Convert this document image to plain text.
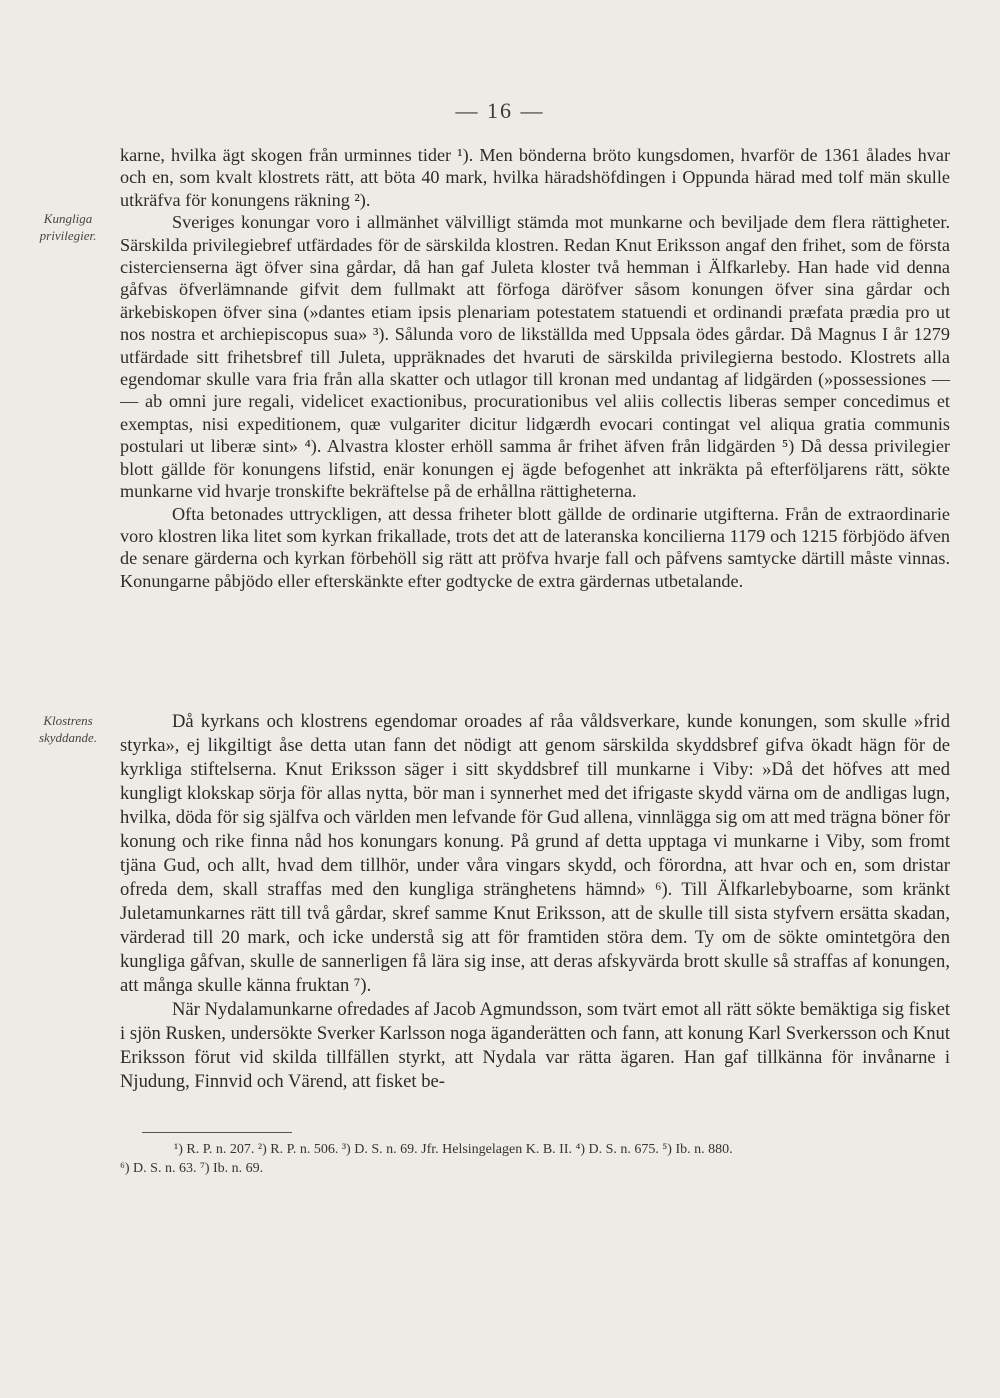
— 16 —
Kungliga
privilegier.
Klostrens
skyddande.

karne, hvilka ägt skogen från urminnes tider ¹). Men bönderna bröto kungsdomen, hvarför de 1361 ålades hvar och en, som kvalt klostrets rätt, att böta 40 mark, hvilka häradshöfdingen i Oppunda härad med tolf män skulle utkräfva för konungens räkning ²).

Sveriges konungar voro i allmänhet välvilligt stämda mot munkarne och beviljade dem flera rättigheter. Särskilda privilegiebref utfärdades för de särskilda klostren. Redan Knut Eriksson angaf den frihet, som de första cistercienserna ägt öfver sina gårdar, då han gaf Juleta kloster två hemman i Älfkarleby. Han hade vid denna gåfvas öfverlämnande gifvit dem fullmakt att förfoga däröfver såsom konungen öfver sina gårdar och ärkebiskopen öfver sina (»dantes etiam ipsis plenariam potestatem statuendi et ordinandi præfata prædia pro ut nos nostra et archiepiscopus sua» ³). Sålunda voro de likställda med Uppsala ödes gårdar. Då Magnus I år 1279 utfärdade sitt frihetsbref till Juleta, uppräknades det hvaruti de särskilda privilegierna bestodo. Klostrets alla egendomar skulle vara fria från alla skatter och utlagor till kronan med undantag af lidgärden (»possessiones — — ab omni jure regali, videlicet exactionibus, procurationibus vel aliis collectis liberas semper concedimus et exemptas, nisi expeditionem, quæ vulgariter dicitur lidgærdh evocari contingat vel aliqua gratia communis postulari ut liberæ sint» ⁴). Alvastra kloster erhöll samma år frihet äfven från lidgärden ⁵) Då dessa privilegier blott gällde för konungens lifstid, enär konungen ej ägde befogenhet att inkräkta på efterföljarens rätt, sökte munkarne vid hvarje tronskifte bekräftelse på de erhållna rättigheterna.

Ofta betonades uttryckligen, att dessa friheter blott gällde de ordinarie utgifterna. Från de extraordinarie voro klostren lika litet som kyrkan frikallade, trots det att de lateranska koncilierna 1179 och 1215 förbjödo äfven de senare gärderna och kyrkan förbehöll sig rätt att pröfva hvarje fall och påfvens samtycke därtill måste vinnas. Konungarne påbjödo eller efterskänkte efter godtycke de extra gärdernas utbetalande.

Då kyrkans och klostrens egendomar oroades af råa våldsverkare, kunde konungen, som skulle »frid styrka», ej likgiltigt åse detta utan fann det nödigt att genom särskilda skyddsbref gifva ökadt hägn för de kyrkliga stiftelserna. Knut Eriksson säger i sitt skyddsbref till munkarne i Viby: »Då det höfves att med kungligt klokskap sörja för allas nytta, bör man i synnerhet med det ifrigaste skydd värna om de andligas lugn, hvilka, döda för sig själfva och världen men lefvande för Gud allena, vinnlägga sig om att med trägna böner för konung och rike finna nåd hos konungars konung. På grund af detta upptaga vi munkarne i Viby, som fromt tjäna Gud, och allt, hvad dem tillhör, under våra vingars skydd, och förordna, att hvar och en, som dristar ofreda dem, skall straffas med den kungliga stränghetens hämnd» ⁶). Till Älfkarlebyboarne, som kränkt Juletamunkarnes rätt till två gårdar, skref samme Knut Eriksson, att de skulle till sista styfvern ersätta skadan, värderad till 20 mark, och icke understå sig att för framtiden störa dem. Ty om de sökte omintetgöra den kungliga gåfvan, skulle de sannerligen få lära sig inse, att deras afskyvärda brott skulle så straffas af konungen, att många skulle känna fruktan ⁷).

När Nydalamunkarne ofredades af Jacob Agmundsson, som tvärt emot all rätt sökte bemäktiga sig fisket i sjön Rusken, undersökte Sverker Karlsson noga äganderätten och fann, att konung Karl Sverkersson och Knut Eriksson förut vid skilda tillfällen styrkt, att Nydala var rätta ägaren. Han gaf tillkänna för invånarne i Njudung, Finnvid och Värend, att fisket be-

¹) R. P. n. 207. ²) R. P. n. 506. ³) D. S. n. 69. Jfr. Helsingelagen K. B. II. ⁴) D. S. n. 675. ⁵) Ib. n. 880.
⁶) D. S. n. 63. ⁷) Ib. n. 69.
